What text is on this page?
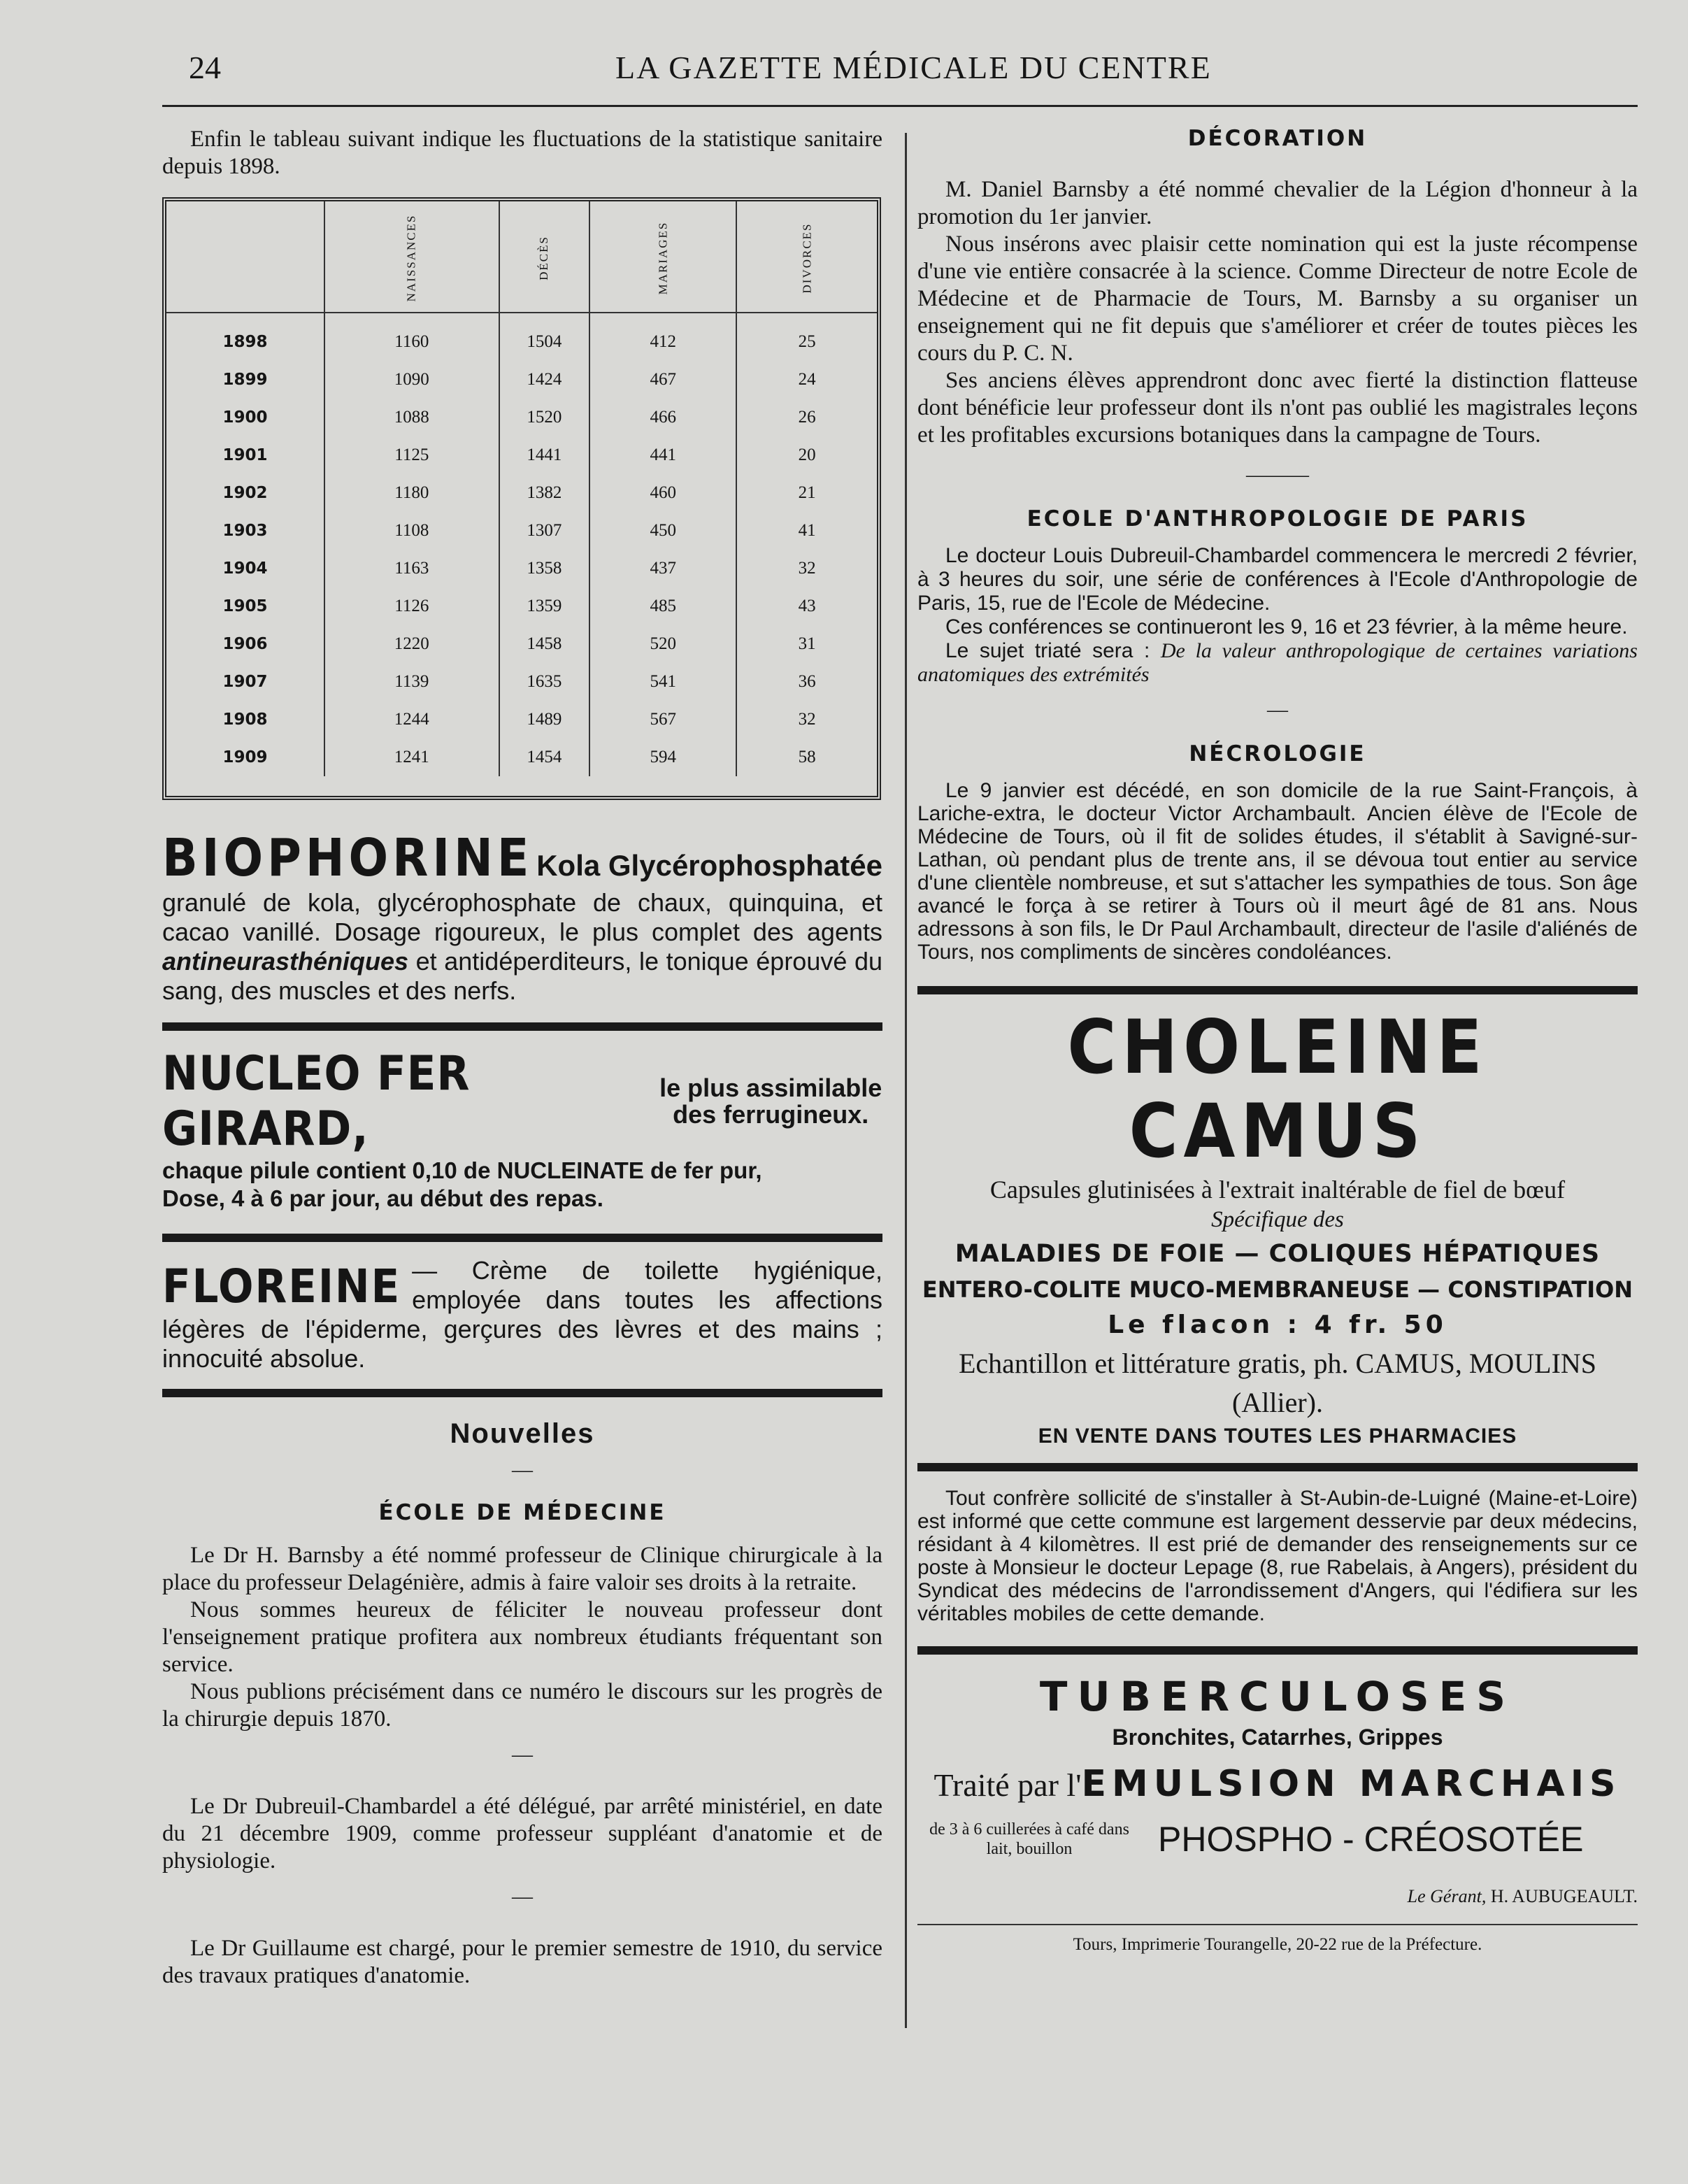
24	LA GAZETTE MÉDICALE DU CENTRE

Enfin le tableau suivant indique les fluctuations de la statistique sanitaire depuis 1898.

	NAISSANCES	DÉCÈS	MARIAGES	DIVORCES

1898	1160	1504	412	25
1899	1090	1424	467	24
1900	1088	1520	466	26
1901	1125	1441	441	20
1902	1180	1382	460	21
1903	1108	1307	450	41
1904	1163	1358	437	32
1905	1126	1359	485	43
1906	1220	1458	520	31
1907	1139	1635	541	36
1908	1244	1489	567	32
1909	1241	1454	594	58
BIOPHORINE Kola Glycérophosphatée

granulé de kola, glycérophosphate de chaux, quinquina, et cacao vanillé. Dosage rigoureux, le plus complet des agents antineurasthéniques et antidéperditeurs, le tonique éprouvé du sang, des muscles et des nerfs.

NUCLEO FER GIRARD,
le plus assimilable des ferrugineux.

chaque pilule contient 0,10 de NUCLEINATE de fer pur,

Dose, 4 à 6 par jour, au début des repas.

FLOREINE — Crème de toilette hygiénique, employée dans toutes les affections légères de l'épiderme, gerçures des lèvres et des mains ; innocuité absolue.

Nouvelles
—
ÉCOLE DE MÉDECINE

Le Dr H. Barnsby a été nommé professeur de Clinique chirurgicale à la place du professeur Delagénière, admis à faire valoir ses droits à la retraite.

Nous sommes heureux de féliciter le nouveau professeur dont l'enseignement pratique profitera aux nombreux étudiants fréquentant son service.

Nous publions précisément dans ce numéro le discours sur les progrès de la chirurgie depuis 1870.

—

Le Dr Dubreuil-Chambardel a été délégué, par arrêté ministériel, en date du 21 décembre 1909, comme professeur suppléant d'anatomie et de physiologie.

—

Le Dr Guillaume est chargé, pour le premier semestre de 1910, du service des travaux pratiques d'anatomie.

DÉCORATION

M. Daniel Barnsby a été nommé chevalier de la Légion d'honneur à la promotion du 1er janvier.

Nous insérons avec plaisir cette nomination qui est la juste récompense d'une vie entière consacrée à la science. Comme Directeur de notre Ecole de Médecine et de Pharmacie de Tours, M. Barnsby a su organiser un enseignement qui ne fit depuis que s'améliorer et créer de toutes pièces les cours du P. C. N.

Ses anciens élèves apprendront donc avec fierté la distinction flatteuse dont bénéficie leur professeur dont ils n'ont pas oublié les magistrales leçons et les profitables excursions botaniques dans la campagne de Tours.

———
ECOLE D'ANTHROPOLOGIE DE PARIS

Le docteur Louis Dubreuil-Chambardel commencera le mercredi 2 février, à 3 heures du soir, une série de conférences à l'Ecole d'Anthropologie de Paris, 15, rue de l'Ecole de Médecine.

Ces conférences se continueront les 9, 16 et 23 février, à la même heure.

Le sujet triaté sera : De la valeur anthropologique de certaines variations anatomiques des extrémités

—
NÉCROLOGIE

Le 9 janvier est décédé, en son domicile de la rue Saint-François, à Lariche-extra, le docteur Victor Archambault. Ancien élève de l'Ecole de Médecine de Tours, où il fit de solides études, il s'établit à Savigné-sur-Lathan, où pendant plus de trente ans, il se dévoua tout entier au service d'une clientèle nombreuse, et sut s'attacher les sympathies de tous. Son âge avancé le força à se retirer à Tours où il meurt âgé de 81 ans. Nous adressons à son fils, le Dr Paul Archambault, directeur de l'asile d'aliénés de Tours, nos compliments de sincères condoléances.

CHOLEINE CAMUS
Capsules glutinisées à l'extrait inaltérable de fiel de bœuf
Spécifique des
MALADIES DE FOIE — COLIQUES HÉPATIQUES
ENTERO-COLITE MUCO-MEMBRANEUSE — CONSTIPATION
Le flacon : 4 fr. 50
Echantillon et littérature gratis, ph. CAMUS, MOULINS (Allier).
EN VENTE DANS TOUTES LES PHARMACIES

Tout confrère sollicité de s'installer à St-Aubin-de-Luigné (Maine-et-Loire) est informé que cette commune est largement desservie par deux médecins, résidant à 4 kilomètres. Il est prié de demander des renseignements sur ce poste à Monsieur le docteur Lepage (8, rue Rabelais, à Angers), président du Syndicat des médecins de l'arrondissement d'Angers, qui l'édifiera sur les véritables mobiles de cette demande.

TUBERCULOSES
Bronchites, Catarrhes, Grippes
Traité par l' EMULSION MARCHAIS
de 3 à 6 cuillerées à café dans lait, bouillon	PHOSPHO - CRÉOSOTÉE
Le Gérant, H. AUBUGEAULT.
Tours, Imprimerie Tourangelle, 20-22 rue de la Préfecture.
